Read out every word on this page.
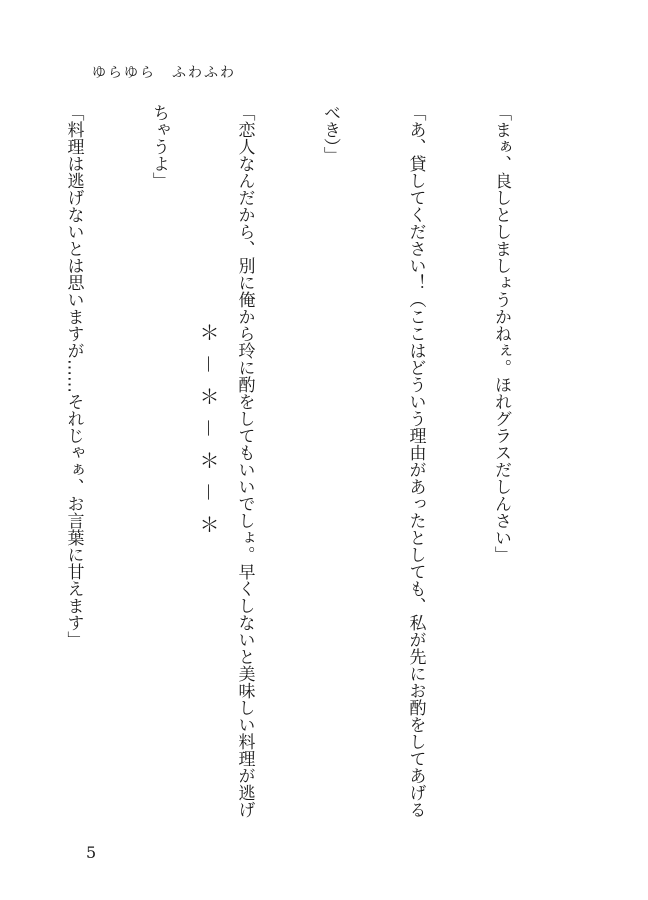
ゆらゆら　ふわふわ

「まぁ、良しとしましょうかねぇ。ほれグラスだしんさい」

「あ、貸してください！（ここはどういう理由があったとしても、私が先にお酌をしてあげる

べき）」

「恋人なんだから、別に俺から玲に酌をしてもいいでしょ。早くしないと美味しい料理が逃げ

ちゃうよ」

「料理は逃げないとは思いますが……それじゃぁ、お言葉に甘えます」

	＊－＊－＊－＊
5
